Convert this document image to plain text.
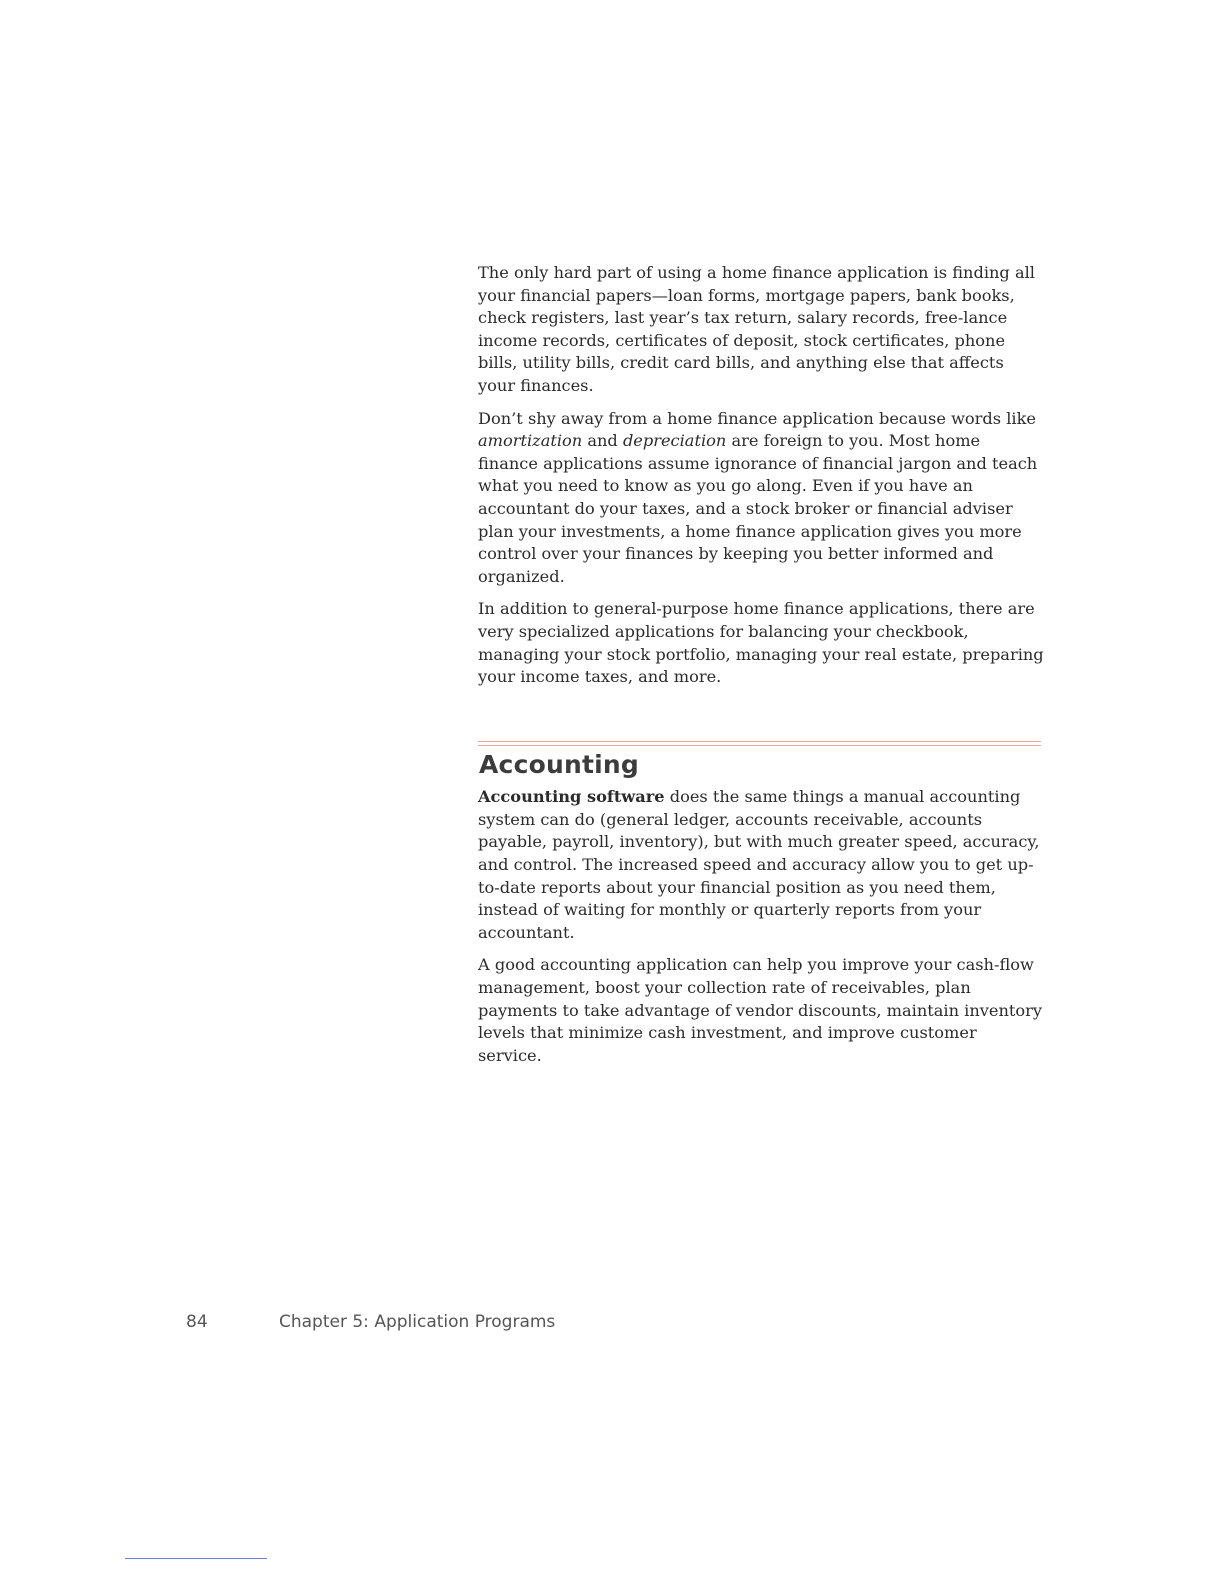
The only hard part of using a home finance application is finding all your financial papers—loan forms, mortgage papers, bank books, check registers, last year’s tax return, salary records, free-lance income records, certificates of deposit, stock certificates, phone bills, utility bills, credit card bills, and anything else that affects your finances.

Don’t shy away from a home finance application because words like amortization and depreciation are foreign to you. Most home finance applications assume ignorance of financial jargon and teach what you need to know as you go along. Even if you have an accountant do your taxes, and a stock broker or financial adviser plan your investments, a home finance application gives you more control over your finances by keeping you better informed and organized.

In addition to general-purpose home finance applications, there are very specialized applications for balancing your checkbook, managing your stock portfolio, managing your real estate, preparing your income taxes, and more.

Accounting

Accounting software does the same things a manual accounting system can do (general ledger, accounts receivable, accounts payable, payroll, inventory), but with much greater speed, accuracy, and control. The increased speed and accuracy allow you to get up-to-date reports about your financial position as you need them, instead of waiting for monthly or quarterly reports from your accountant.

A good accounting application can help you improve your cash-flow management, boost your collection rate of receivables, plan payments to take advantage of vendor discounts, maintain inventory levels that minimize cash investment, and improve customer service.

84	Chapter 5: Application Programs
